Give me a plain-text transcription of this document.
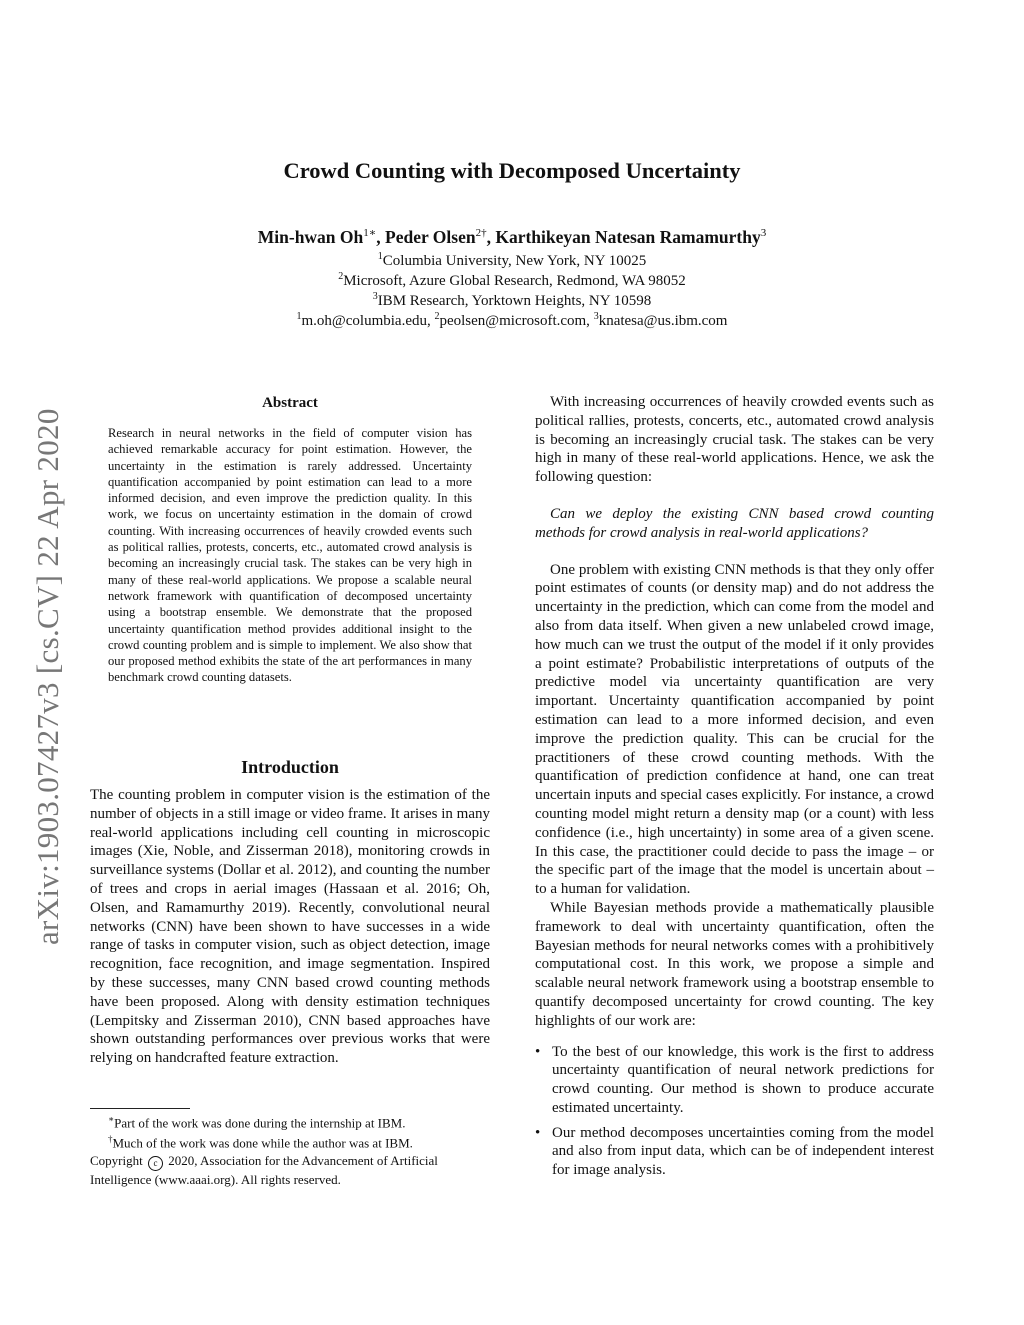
arXiv:1903.07427v3 [cs.CV] 22 Apr 2020
Crowd Counting with Decomposed Uncertainty
Min-hwan $Oh^{1∗}$, Peder Olsen$^{2\dagger}$, Karthikeyan Natesan Ramamurthy$^3$
$^1$Columbia University, New York, NY 10025
$^2$Microsoft, Azure Global Research, Redmond, WA 98052
$^3$IBM Research, Yorktown Heights, NY 10598
$^1$m.oh@columbia.edu, $^2$peolsen@microsoft.com, $^3$knatesa@us.ibm.com
Abstract
Research in neural networks in the field of computer vision has achieved remarkable accuracy for point estimation. However, the uncertainty in the estimation is rarely addressed. Uncertainty quantification accompanied by point estimation can lead to a more informed decision, and even improve the prediction quality. In this work, we focus on uncertainty estimation in the domain of crowd counting. With increasing occurrences of heavily crowded events such as political rallies, protests, concerts, etc., automated crowd analysis is becoming an increasingly crucial task. The stakes can be very high in many of these real-world applications. We propose a scalable neural network framework with quantification of decomposed uncertainty using a bootstrap ensemble. We demonstrate that the proposed uncertainty quantification method provides additional insight to the crowd counting problem and is simple to implement. We also show that our proposed method exhibits the state of the art performances in many benchmark crowd counting datasets.
Introduction
The counting problem in computer vision is the estimation of the number of objects in a still image or video frame. It arises in many real-world applications including cell counting in microscopic images (Xie, Noble, and Zisserman 2018), monitoring crowds in surveillance systems (Dollar et al. 2012), and counting the number of trees and crops in aerial images (Hassaan et al. 2016; Oh, Olsen, and Ramamurthy 2019). Recently, convolutional neural networks (CNN) have been shown to have successes in a wide range of tasks in computer vision, such as object detection, image recognition, face recognition, and image segmentation. Inspired by these successes, many CNN based crowd counting methods have been proposed. Along with density estimation techniques (Lempitsky and Zisserman 2010), CNN based approaches have shown outstanding performances over previous works that were relying on handcrafted feature extraction.

∗Part of the work was done during the internship at IBM.

†Much of the work was done while the author was at IBM.

Copyright c 2020, Association for the Advancement of Artificial Intelligence (www.aaai.org). All rights reserved.

With increasing occurrences of heavily crowded events such as political rallies, protests, concerts, etc., automated crowd analysis is becoming an increasingly crucial task. The stakes can be very high in many of these real-world applications. Hence, we ask the following question:

Can we deploy the existing CNN based crowd counting methods for crowd analysis in real-world applications?

One problem with existing CNN methods is that they only offer point estimates of counts (or density map) and do not address the uncertainty in the prediction, which can come from the model and also from data itself. When given a new unlabeled crowd image, how much can we trust the output of the model if it only provides a point estimate? Probabilistic interpretations of outputs of the predictive model via uncertainty quantification are very important. Uncertainty quantification accompanied by point estimation can lead to a more informed decision, and even improve the prediction quality. This can be crucial for the practitioners of these crowd counting methods. With the quantification of prediction confidence at hand, one can treat uncertain inputs and special cases explicitly. For instance, a crowd counting model might return a density map (or a count) with less confidence (i.e., high uncertainty) in some area of a given scene. In this case, the practitioner could decide to pass the image – or the specific part of the image that the model is uncertain about – to a human for validation.

While Bayesian methods provide a mathematically plausible framework to deal with uncertainty quantification, often the Bayesian methods for neural networks comes with a prohibitively computational cost. In this work, we propose a simple and scalable neural network framework using a bootstrap ensemble to quantify decomposed uncertainty for crowd counting. The key highlights of our work are:

• To the best of our knowledge, this work is the first to address uncertainty quantification of neural network predictions for crowd counting. Our method is shown to produce accurate estimated uncertainty.
• Our method decomposes uncertainties coming from the model and also from input data, which can be of independent interest for image analysis.
